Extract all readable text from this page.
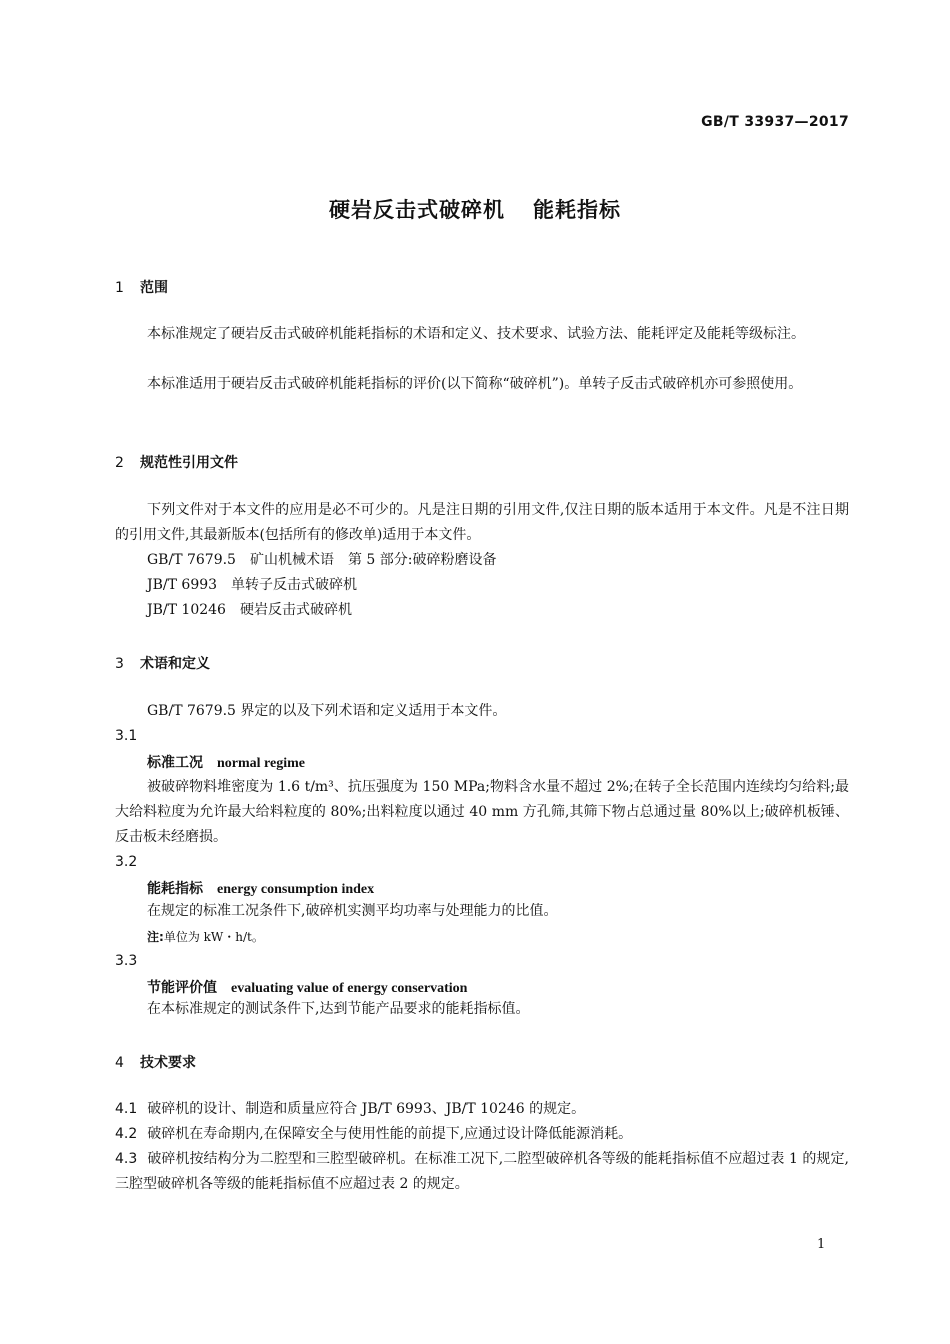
GB/T 33937—2017
硬岩反击式破碎机 能耗指标
1 范围
本标准规定了硬岩反击式破碎机能耗指标的术语和定义、技术要求、试验方法、能耗评定及能耗等级标注。
本标准适用于硬岩反击式破碎机能耗指标的评价(以下简称“破碎机”)。单转子反击式破碎机亦可参照使用。
2 规范性引用文件
下列文件对于本文件的应用是必不可少的。凡是注日期的引用文件,仅注日期的版本适用于本文件。凡是不注日期的引用文件,其最新版本(包括所有的修改单)适用于本文件。
GB/T 7679.5　矿山机械术语　第 5 部分:破碎粉磨设备
JB/T 6993　单转子反击式破碎机
JB/T 10246　硬岩反击式破碎机
3 术语和定义
GB/T 7679.5 界定的以及下列术语和定义适用于本文件。
3.1
标准工况 normal regime
被破碎物料堆密度为 1.6 t/m³、抗压强度为 150 MPa;物料含水量不超过 2%;在转子全长范围内连续均匀给料;最大给料粒度为允许最大给料粒度的 80%;出料粒度以通过 40 mm 方孔筛,其筛下物占总通过量 80%以上;破碎机板锤、反击板未经磨损。
3.2
能耗指标 energy consumption index
在规定的标准工况条件下,破碎机实测平均功率与处理能力的比值。
注:单位为 kW・h/t。
3.3
节能评价值 evaluating value of energy conservation
在本标准规定的测试条件下,达到节能产品要求的能耗指标值。
4 技术要求
4.1 破碎机的设计、制造和质量应符合 JB/T 6993、JB/T 10246 的规定。
4.2 破碎机在寿命期内,在保障安全与使用性能的前提下,应通过设计降低能源消耗。
4.3 破碎机按结构分为二腔型和三腔型破碎机。在标准工况下,二腔型破碎机各等级的能耗指标值不应超过表 1 的规定,三腔型破碎机各等级的能耗指标值不应超过表 2 的规定。
1
